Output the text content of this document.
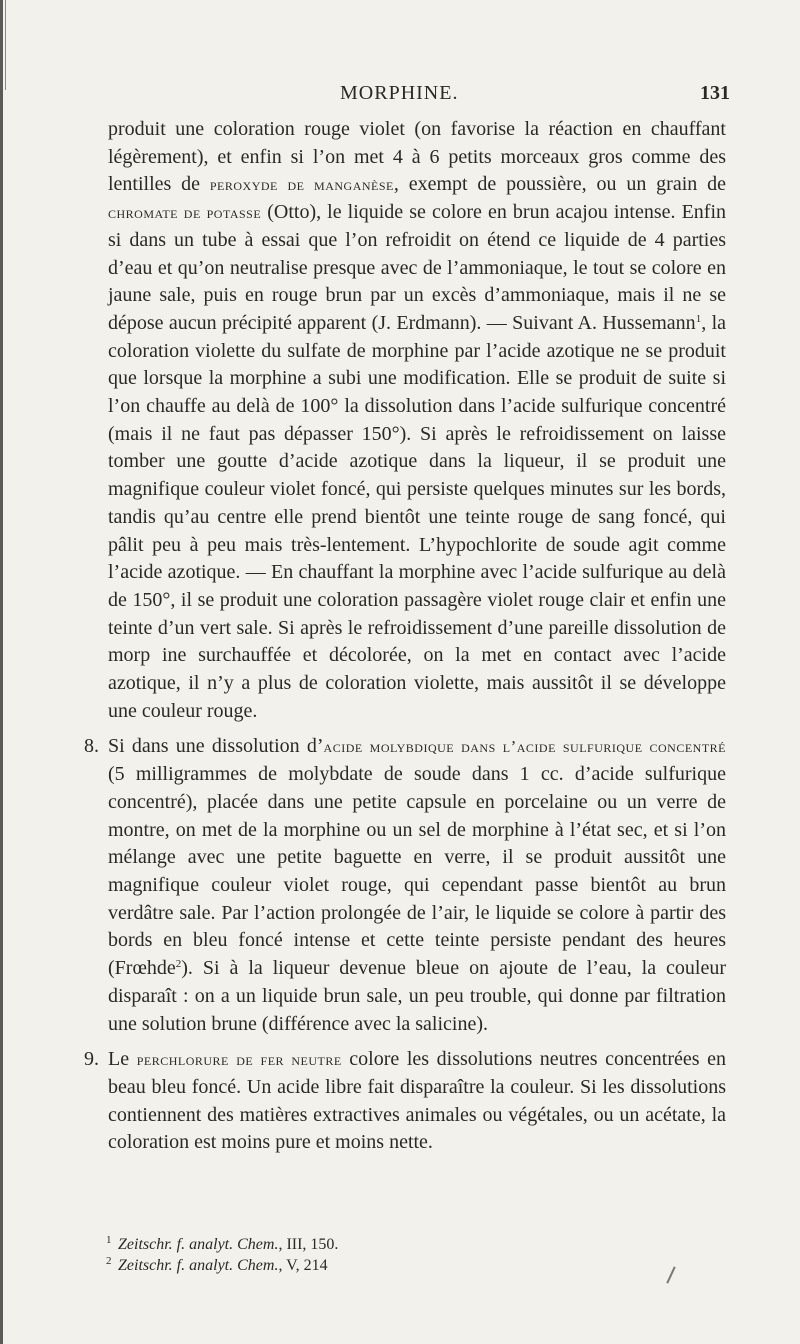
MORPHINE.	131

produit une coloration rouge violet (on favorise la réaction en chauffant légèrement), et enfin si l’on met 4 à 6 petits morceaux gros comme des lentilles de peroxyde de manganèse, exempt de poussière, ou un grain de chromate de potasse (Otto), le liquide se colore en brun acajou intense. Enfin si dans un tube à essai que l’on refroidit on étend ce liquide de 4 parties d’eau et qu’on neutralise presque avec de l’ammoniaque, le tout se colore en jaune sale, puis en rouge brun par un excès d’ammoniaque, mais il ne se dépose aucun précipité apparent (J. Erdmann). — Suivant A. Hussemann$^1$, la coloration violette du sulfate de morphine par l’acide azotique ne se produit que lorsque la morphine a subi une modification. Elle se produit de suite si l’on chauffe au delà de 100° la dissolution dans l’acide sulfurique concentré (mais il ne faut pas dépasser 150°). Si après le refroidissement on laisse tomber une goutte d’acide azotique dans la liqueur, il se produit une magnifique couleur violet foncé, qui persiste quelques minutes sur les bords, tandis qu’au centre elle prend bientôt une teinte rouge de sang foncé, qui pâlit peu à peu mais très-lentement. L’hypochlorite de soude agit comme l’acide azotique. — En chauffant la morphine avec l’acide sulfurique au delà de 150°, il se produit une coloration passagère violet rouge clair et enfin une teinte d’un vert sale. Si après le refroidissement d’une pareille dissolution de morp ine surchauffée et décolorée, on la met en contact avec l’acide azotique, il n’y a plus de coloration violette, mais aussitôt il se développe une couleur rouge.

8. Si dans une dissolution d’acide molybdique dans l’acide sulfurique concentré (5 milligrammes de molybdate de soude dans 1 cc. d’acide sulfurique concentré), placée dans une petite capsule en porcelaine ou un verre de montre, on met de la morphine ou un sel de morphine à l’état sec, et si l’on mélange avec une petite baguette en verre, il se produit aussitôt une magnifique couleur violet rouge, qui cependant passe bientôt au brun verdâtre sale. Par l’action prolongée de l’air, le liquide se colore à partir des bords en bleu foncé intense et cette teinte persiste pendant des heures (Frœhde$^2$). Si à la liqueur devenue bleue on ajoute de l’eau, la couleur disparaît : on a un liquide brun sale, un peu trouble, qui donne par filtration une solution brune (différence avec la salicine).

9. Le perchlorure de fer neutre colore les dissolutions neutres concentrées en beau bleu foncé. Un acide libre fait disparaître la couleur. Si les dissolutions contiennent des matières extractives animales ou végétales, ou un acétate, la coloration est moins pure et moins nette.

1 Zeitschr. f. analyt. Chem., III, 150.

2 Zeitschr. f. analyt. Chem., V, 214
